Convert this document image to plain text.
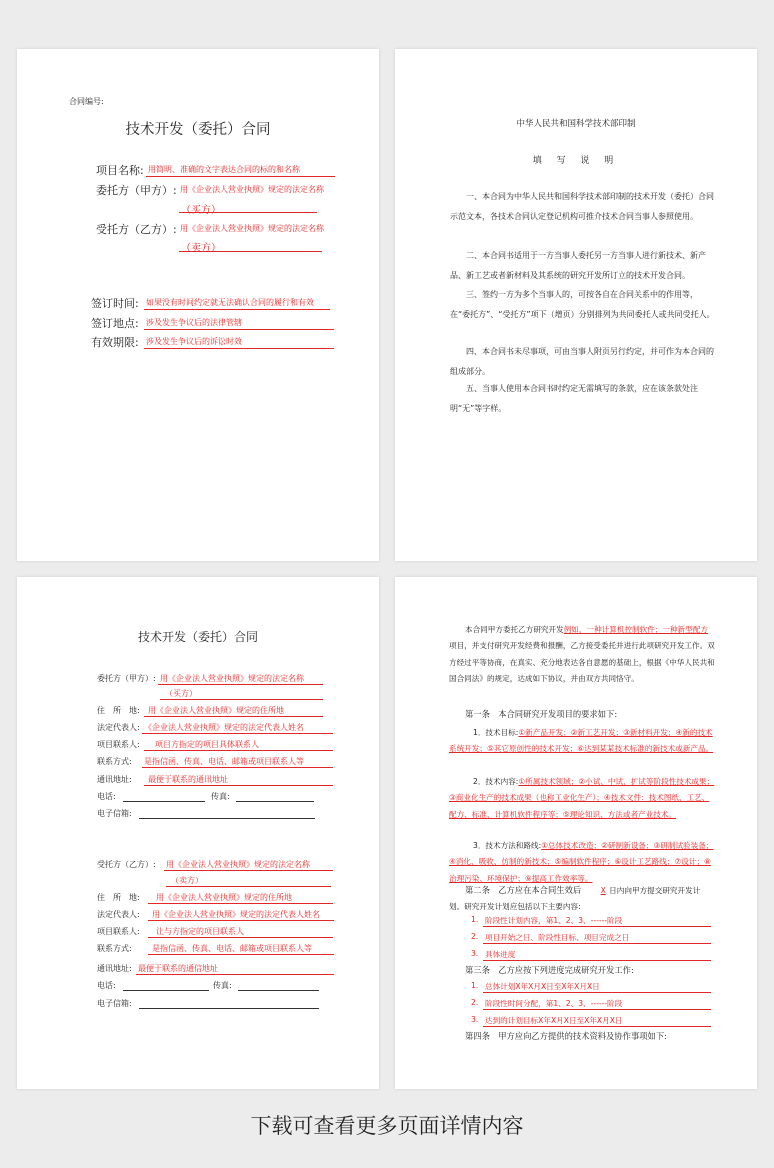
合同编号:
技术开发（委托）合同
项目名称: 用简明、准确的文字表达合同的标的和名称
委托方（甲方）: 用《企业法人营业执照》规定的法定名称
（买方）
受托方（乙方）: 用《企业法人营业执照》规定的法定名称
（卖方）
签订时间: 如果没有时间约定就无法确认合同的履行和有效
签订地点: 涉及发生争议后的法律管辖
有效期限: 涉及发生争议后的诉讼时效
中华人民共和国科学技术部印制
填 写 说 明

一、本合同为中华人民共和国科学技术部印制的技术开发（委托）合同示范文本，各技术合同认定登记机构可推介技术合同当事人参照使用。

二、本合同书适用于一方当事人委托另一方当事人进行新技术、新产品、新工艺或者新材料及其系统的研究开发所订立的技术开发合同。

三、签约一方为多个当事人的，可按各自在合同关系中的作用等，在“委托方”、“受托方”项下（增页）分别排列为共同委托人或共同受托人。

四、本合同书未尽事项，可由当事人附页另行约定，并可作为本合同的组成部分。

五、当事人使用本合同书时约定无需填写的条款，应在该条款处注明“无”等字样。

技术开发（委托）合同
委托方（甲方）: 用《企业法人营业执照》规定的法定名称
（买方）
住　所　地: 用《企业法人营业执照》规定的住所地
法定代表人: 《企业法人营业执照》规定的法定代表人姓名
项目联系人: 项目方指定的项目具体联系人
联系方式: 是指信函、传真、电话、邮箱或项目联系人等
通讯地址: 最便于联系的通讯地址
电话:	传真:
电子信箱:
受托方（乙方）: 用《企业法人营业执照》规定的法定名称
（卖方）
住　所　地: 用《企业法人营业执照》规定的住所地
法定代表人: 用《企业法人营业执照》规定的法定代表人姓名
项目联系人: 让与方指定的项目联系人
联系方式:	是指信函、传真、电话、邮箱或项目联系人等
通讯地址: 最便于联系的通信地址
电话:	传真:
电子信箱:

本合同甲方委托乙方研究开发例如，一种计算机控制软件；一种新型配方项目，并支付研究开发经费和报酬，乙方接受委托并进行此项研究开发工作。双方经过平等协商，在真实、充分地表达各自意愿的基础上，根据《中华人民共和国合同法》的规定，达成如下协议，并由双方共同恪守。

第一条　本合同研究开发项目的要求如下:

1．技术目标:①新产品开发；②新工艺开发；③新材料开发；④新的技术系统开发；⑤其它原创性的技术开发；⑥达到某某技术标准的新技术或新产品。

2．技术内容:①所属技术领域；②小试、中试、扩试等阶段性技术成果；③商业化生产的技术成果（也称工业化生产）；④技术文件：技术图纸、工艺、配方、标准、计算机软件程序等；⑤理论知识、方法或者产业技术。

3．技术方法和路线:①总体技术改造；②研制新设备；③研制试验装备；④消化、吸收、仿制的新技术；⑤编制软件程序；⑥设计工艺路线；⑦设计；⑧治理污染、环境保护；⑨提高工作效率等。

第二条　乙方应在本合同生效后	X 日内向甲方提交研究开发计划。研究开发计划应包括以下主要内容:

1. 阶段性计划内容，第1、2、3、------阶段
2. 项目开始之日、阶段性目标、项目完成之日
3. 具体进度
第三条　乙方应按下列进度完成研究开发工作:
1. 总体计划X年X月X日至X年X月X日
2. 阶段性时间分配，第1、2、3、------阶段
3. 达到的计划目标X年X月X日至X年X月X日
第四条　甲方应向乙方提供的技术资料及协作事项如下:
下载可查看更多页面详情内容
